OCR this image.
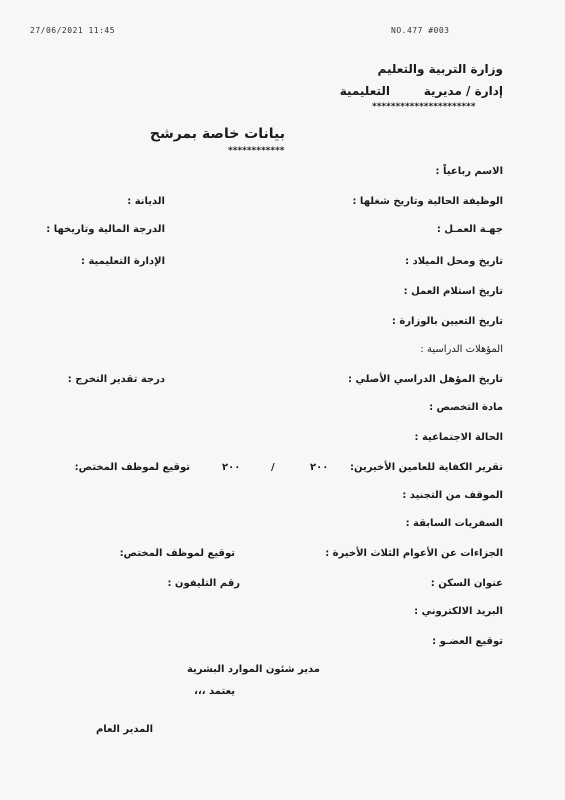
27/06/2021 11:45	NO.477 #003
وزارة التربية والتعليم
إدارة / مديرية
التعليمية
**********************
بيانات خاصة بمرشح
************
الاسم رباعياً :
الوظيفة الحالية وتاريخ شغلها :
جهـة العمـل :
تاريخ ومحل الميلاد :
تاريخ استلام العمل :
تاريخ التعيين بالوزارة :
المؤهلات الدراسية :
تاريخ المؤهل الدراسي الأصلي :
مادة التخصص :
الحالة الاجتماعية :
تقرير الكفاية للعامين الأخيرين:
الموقف من التجنيد :
السفريات السابقة :
الجزاءات عن الأعوام الثلاث الأخيرة :
عنوان السكن :
البريد الالكتروني :
توقيع العضـو :
الديانة :
الدرجة المالية وتاريخها :
الإدارة التعليمية :
درجة تقدير التخرج :
٢٠٠
/
٢٠٠
توقيع لموظف المختص:
توقيع لموظف المختص:
رقم التليفون :
مدير شئون الموارد البشرية
يعتمد ،،،
المدير العام
